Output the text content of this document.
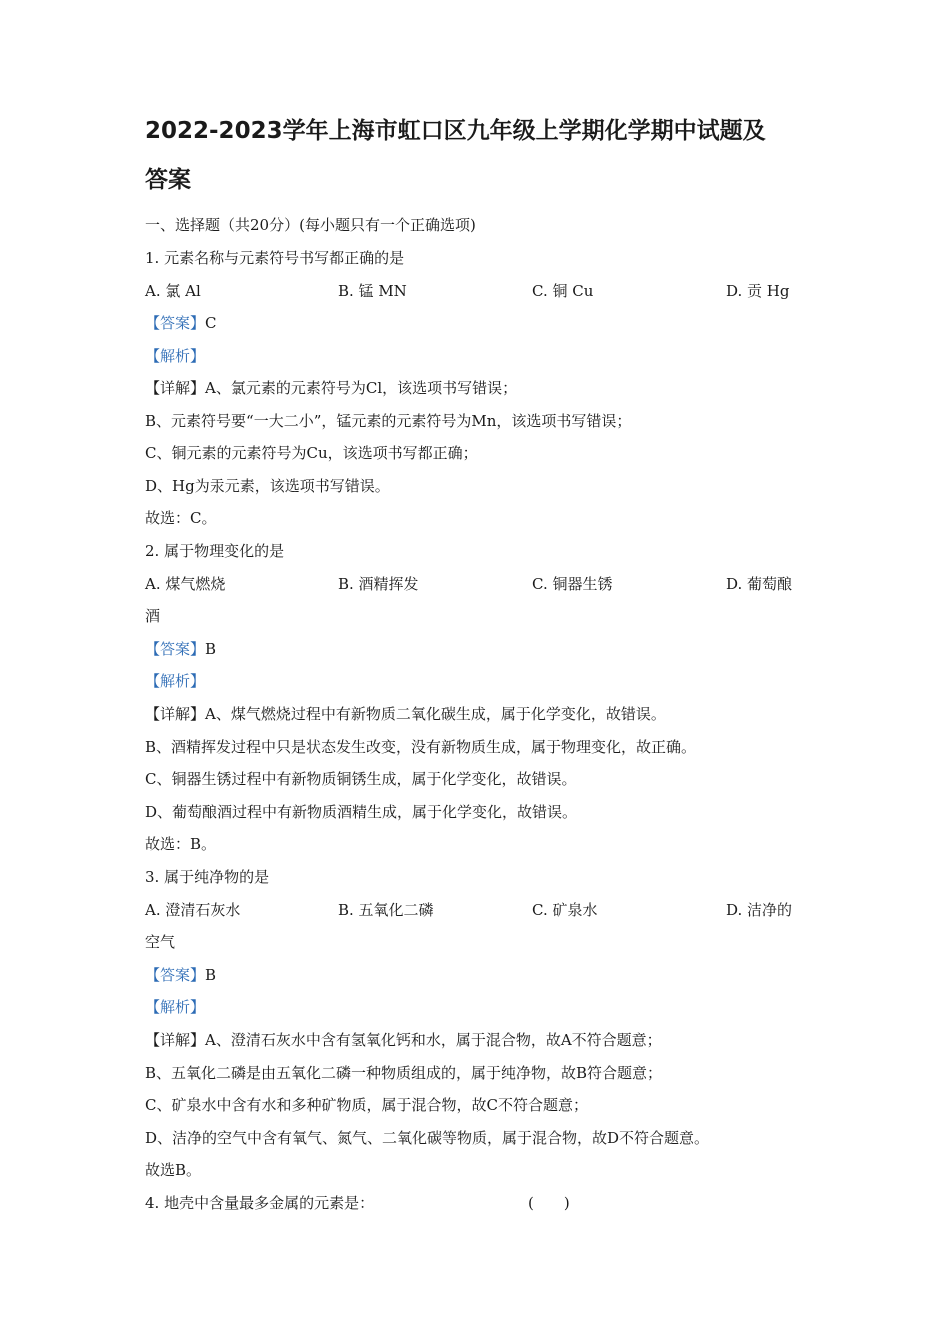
2022-2023学年上海市虹口区九年级上学期化学期中试题及
答案

一、选择题（共20分）(每小题只有一个正确选项)

1. 元素名称与元素符号书写都正确的是

A. 氯 Al	B. 锰 MN	C. 铜 Cu	D. 贡 Hg

【答案】C

【解析】

【详解】A、氯元素的元素符号为Cl，该选项书写错误；

B、元素符号要“一大二小”，锰元素的元素符号为Mn，该选项书写错误；

C、铜元素的元素符号为Cu，该选项书写都正确；

D、Hg为汞元素，该选项书写错误。

故选：C。

2. 属于物理变化的是

A. 煤气燃烧	B. 酒精挥发	C. 铜器生锈	D. 葡萄酿

酒

【答案】B

【解析】

【详解】A、煤气燃烧过程中有新物质二氧化碳生成，属于化学变化，故错误。

B、酒精挥发过程中只是状态发生改变，没有新物质生成，属于物理变化，故正确。

C、铜器生锈过程中有新物质铜锈生成，属于化学变化，故错误。

D、葡萄酿酒过程中有新物质酒精生成，属于化学变化，故错误。

故选：B。

3. 属于纯净物的是

A. 澄清石灰水	B. 五氧化二磷	C. 矿泉水	D. 洁净的

空气

【答案】B

【解析】

【详解】A、澄清石灰水中含有氢氧化钙和水，属于混合物，故A不符合题意；

B、五氧化二磷是由五氧化二磷一种物质组成的，属于纯净物，故B符合题意；

C、矿泉水中含有水和多种矿物质，属于混合物，故C不符合题意；

D、洁净的空气中含有氧气、氮气、二氧化碳等物质，属于混合物，故D不符合题意。

故选B。

4. 地壳中含量最多金属的元素是：	(　　)
